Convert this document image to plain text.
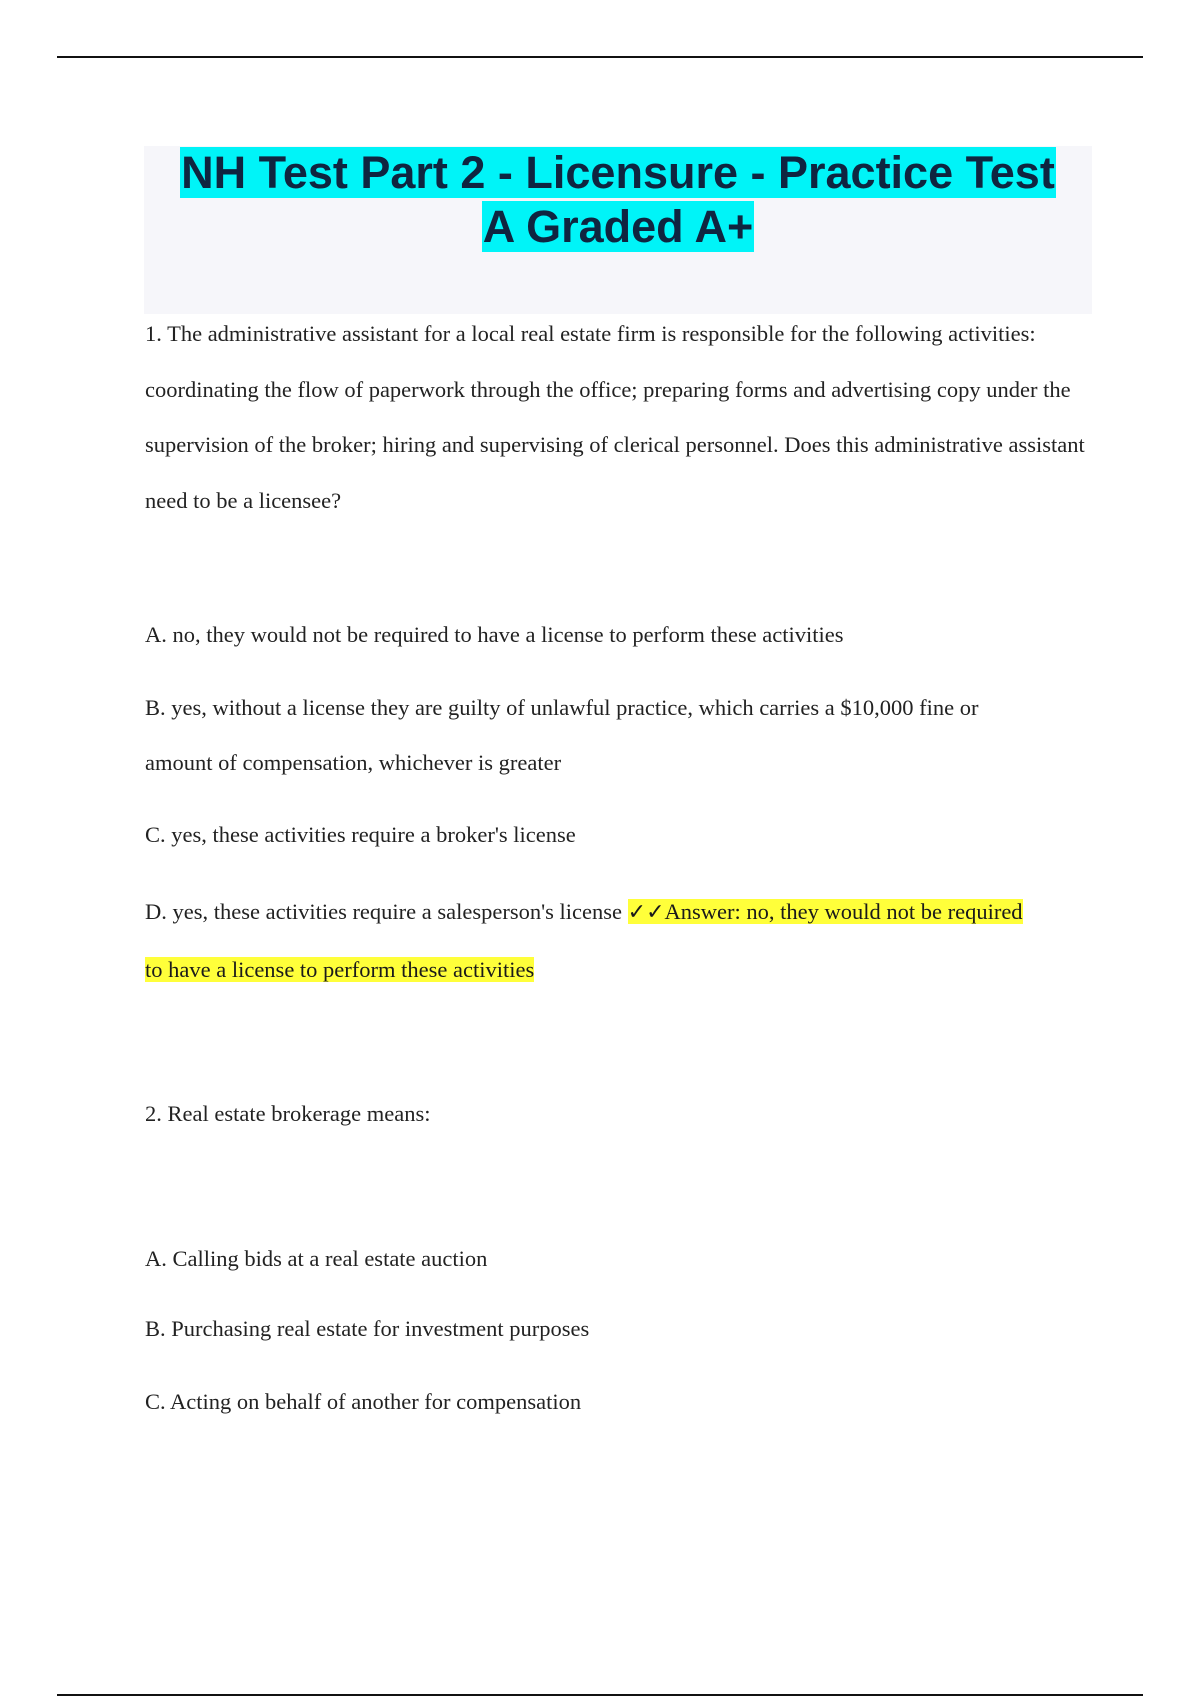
NH Test Part 2 - Licensure - Practice Test
A Graded A+

1. The administrative assistant for a local real estate firm is responsible for the following activities: coordinating the flow of paperwork through the office; preparing forms and advertising copy under the supervision of the broker; hiring and supervising of clerical personnel. Does this administrative assistant need to be a licensee?

A. no, they would not be required to have a license to perform these activities

B. yes, without a license they are guilty of unlawful practice, which carries a $10,000 fine or

amount of compensation, whichever is greater

C. yes, these activities require a broker's license

D. yes, these activities require a salesperson's license ✓✓Answer: no, they would not be required

to have a license to perform these activities

2. Real estate brokerage means:

A. Calling bids at a real estate auction

B. Purchasing real estate for investment purposes

C. Acting on behalf of another for compensation
